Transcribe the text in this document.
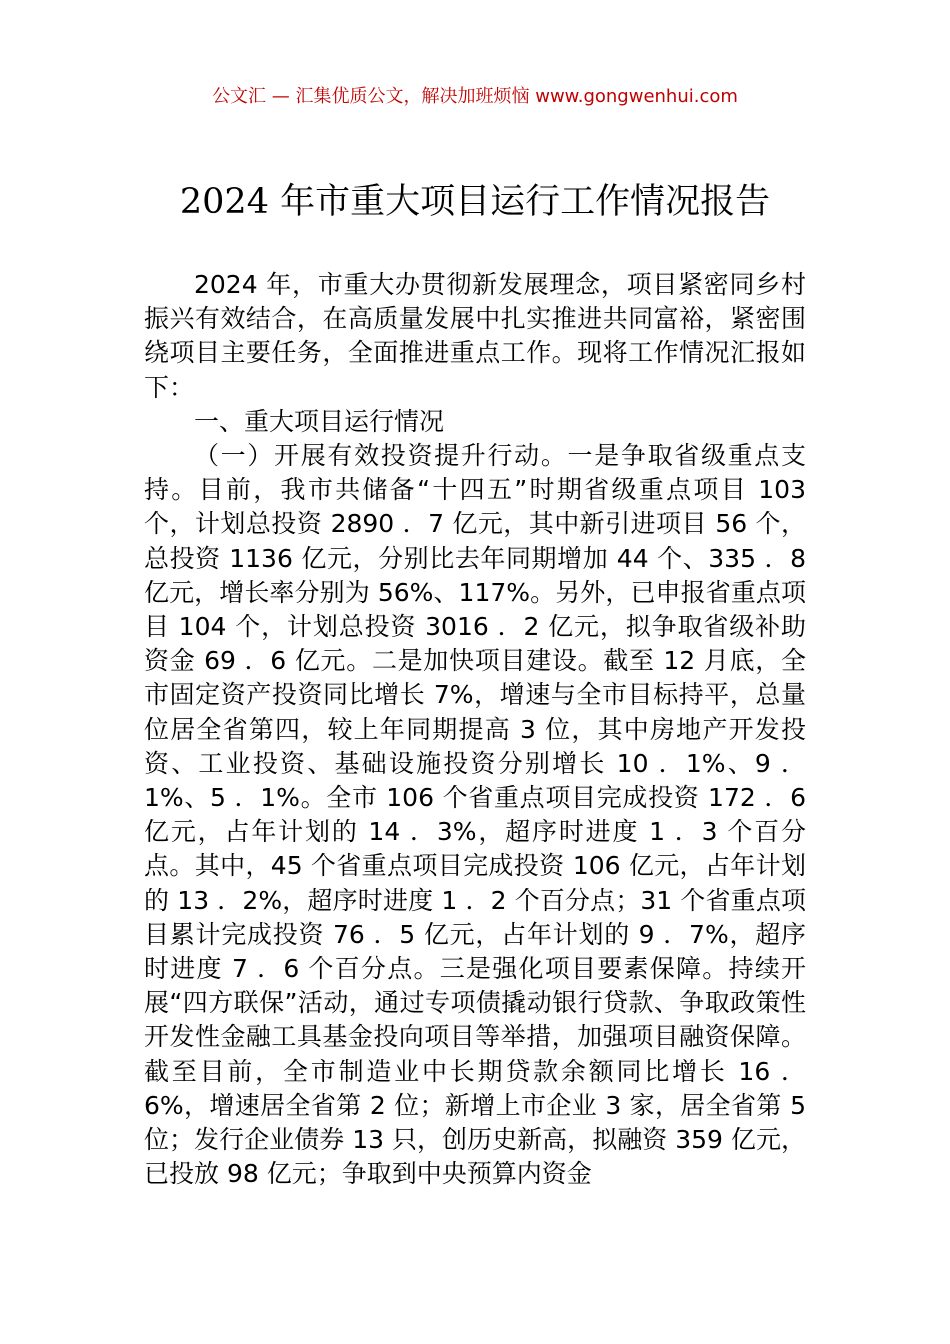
公文汇 — 汇集优质公文，解决加班烦恼 www.gongwenhui.com
2024 年市重大项目运行工作情况报告

2024 年，市重大办贯彻新发展理念，项目紧密同乡村振兴有效结合，在高质量发展中扎实推进共同富裕，紧密围绕项目主要任务，全面推进重点工作。现将工作情况汇报如下：

一、重大项目运行情况

（一）开展有效投资提升行动。一是争取省级重点支持。目前，我市共储备“十四五”时期省级重点项目 103 个，计划总投资 2890 ．7 亿元，其中新引进项目 56 个，总投资 1136 亿元，分别比去年同期增加 44 个、335 ．8 亿元，增长率分别为 56%、117%。另外，已申报省重点项目 104 个，计划总投资 3016 ．2 亿元，拟争取省级补助资金 69 ．6 亿元。二是加快项目建设。截至 12 月底，全市固定资产投资同比增长 7%，增速与全市目标持平，总量位居全省第四，较上年同期提高 3 位，其中房地产开发投资、工业投资、基础设施投资分别增长 10 ．1%、9 ．1%、5 ．1%。全市 106 个省重点项目完成投资 172 ．6 亿元，占年计划的 14 ．3%，超序时进度 1 ．3 个百分点。其中，45 个省重点项目完成投资 106 亿元，占年计划的 13 ．2%，超序时进度 1 ．2 个百分点；31 个省重点项目累计完成投资 76 ．5 亿元，占年计划的 9 ．7%，超序时进度 7 ．6 个百分点。三是强化项目要素保障。持续开展“四方联保”活动，通过专项债撬动银行贷款、争取政策性开发性金融工具基金投向项目等举措，加强项目融资保障。截至目前，全市制造业中长期贷款余额同比增长 16 ．6%，增速居全省第 2 位；新增上市企业 3 家，居全省第 5 位；发行企业债券 13 只，创历史新高，拟融资 359 亿元，已投放 98 亿元；争取到中央预算内资金
